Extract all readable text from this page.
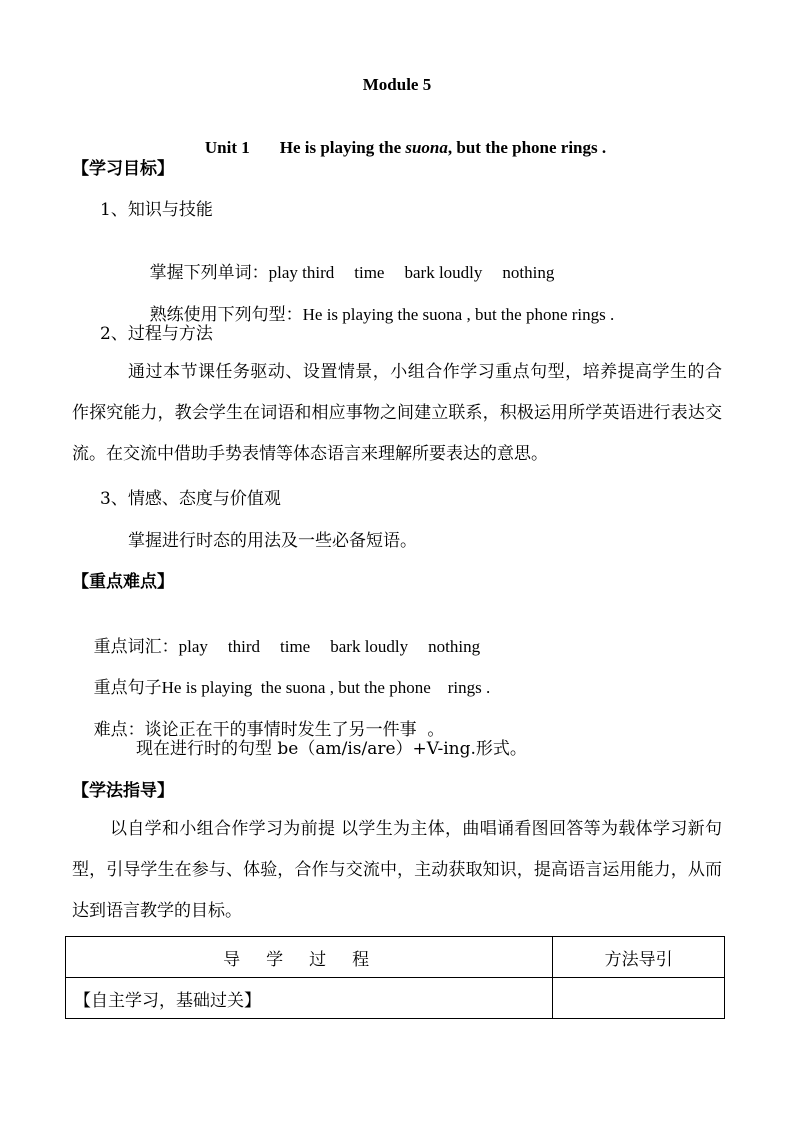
Module 5

Unit 1 He is playing the suona, but the phone rings .

【学习目标】
1、知识与技能

掌握下列单词：play third time bark loudly nothing

熟练使用下列句型：He is playing the suona , but the phone rings .

2、过程与方法
通过本节课任务驱动、设置情景，小组合作学习重点句型，培养提高学生的合作探究能力，教会学生在词语和相应事物之间建立联系，积极运用所学英语进行表达交流。在交流中借助手势表情等体态语言来理解所要表达的意思。
3、情感、态度与价值观
掌握进行时态的用法及一些必备短语。
【重点难点】

重点词汇：play third time bark loudly nothing

重点句子He is playing  the suona , but the phone    rings .

难点：谈论正在干的事情时发生了另一件事  。

现在进行时的句型 be（am/is/are）+V-ing.形式。
【学法指导】
以自学和小组合作学习为前提 以学生为主体，曲唱诵看图回答等为载体学习新句型，引导学生在参与、体验，合作与交流中，主动获取知识，提高语言运用能力，从而达到语言教学的目标。
导学过程	方法导引
【自主学习，基础过关】	
